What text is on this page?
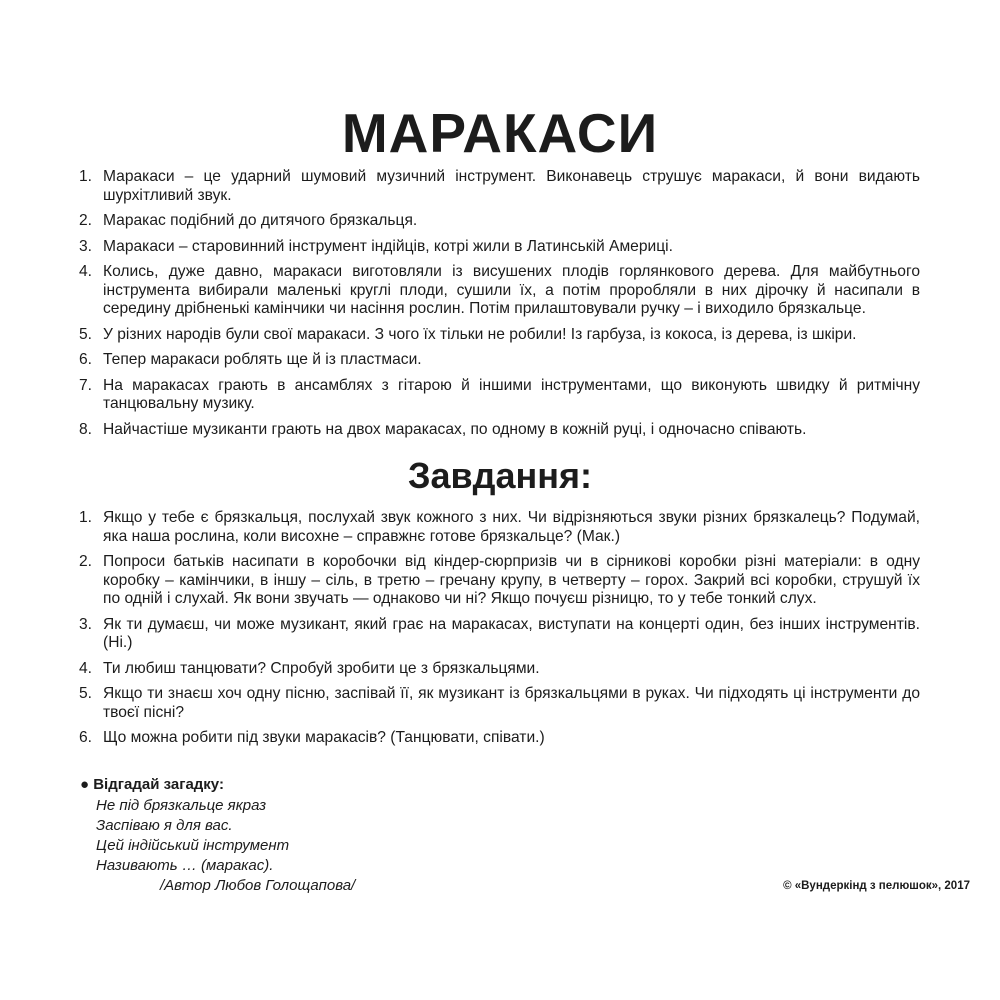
МАРАКАСИ
1. Маракаси – це ударний шумовий музичний інструмент. Виконавець струшує маракаси, й вони видають шурхітливий звук.
2. Маракас подібний до дитячого брязкальця.
3. Маракаси – старовинний інструмент індійців, котрі жили в Латинській Америці.
4. Колись, дуже давно, маракаси виготовляли із висушених плодів горлянкового дерева. Для майбутнього інструмента вибирали маленькі круглі плоди, сушили їх, а потім проробляли в них дірочку й насипали в середину дрібненькі камінчики чи насіння рослин. Потім прилаштовували ручку – і виходило брязкальце.
5. У різних народів були свої маракаси. З чого їх тільки не робили! Із гарбуза, із кокоса, із дерева, із шкіри.
6. Тепер маракаси роблять ще й із пластмаси.
7. На маракасах грають в ансамблях з гітарою й іншими інструментами, що виконують швидку й ритмічну танцювальну музику.
8. Найчастіше музиканти грають на двох маракасах, по одному в кожній руці, і одночасно співають.
Завдання:
1. Якщо у тебе є брязкальця, послухай звук кожного з них. Чи відрізняються звуки різних брязкалець? Подумай, яка наша рослина, коли висохне – справжнє готове брязкальце? (Мак.)
2. Попроси батьків насипати в коробочки від кіндер-сюрпризів чи в сірникові коробки різні матеріали: в одну коробку – камінчики, в іншу – сіль, в третю – гречану крупу, в четверту – горох. Закрий всі коробки, струшуй їх по одній і слухай. Як вони звучать — однаково чи ні? Якщо почуєш різницю, то у тебе тонкий слух.
3. Як ти думаєш, чи може музикант, який грає на маракасах, виступати на концерті один, без інших інструментів. (Ні.)
4. Ти любиш танцювати? Спробуй зробити це з брязкальцями.
5. Якщо ти знаєш хоч одну пісню, заспівай її, як музикант із брязкальцями в руках. Чи підходять ці інструменти до твоєї пісні?
6. Що можна робити під звуки маракасів? (Танцювати, співати.)
● Відгадай загадку:
Не під брязкальце якраз
Заспіваю я для вас.
Цей індійський інструмент
Називають … (маракас).
/Автор Любов Голощапова/	© «Вундеркінд з пелюшок», 2017
